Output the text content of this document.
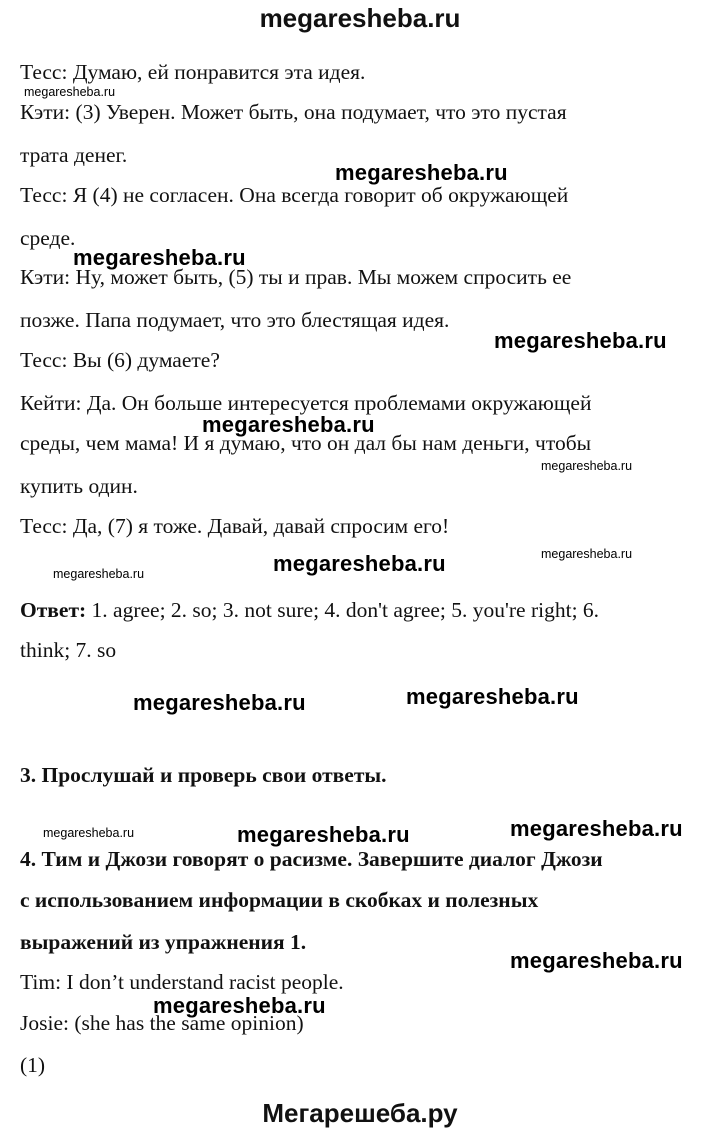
megaresheba.ru
Тесс: Думаю, ей понравится эта идея.
Кэти: (3) Уверен. Может быть, она подумает, что это пустая
трата денег.
Тесс: Я (4) не согласен. Она всегда говорит об окружающей
среде.
Кэти: Ну, может быть, (5) ты и прав. Мы можем спросить ее
позже. Папа подумает, что это блестящая идея.
Тесс: Вы (6) думаете?
Кейти: Да. Он больше интересуется проблемами окружающей
среды, чем мама! И я думаю, что он дал бы нам деньги, чтобы
купить один.
Тесс: Да, (7) я тоже. Давай, давай спросим его!
Ответ: 1. agree; 2. so; 3. not sure; 4. don't agree; 5. you're right; 6.
think; 7. so
3. Прослушай и проверь свои ответы.
4. Тим и Джози говорят о расизме. Завершите диалог Джози
с использованием информации в скобках и полезных
выражений из упражнения 1.
Tim: I don’t understand racist people.
Josie: (she has the same opinion)
(1)
megaresheba.ru
megaresheba.ru
megaresheba.ru
megaresheba.ru
megaresheba.ru
megaresheba.ru
megaresheba.ru
megaresheba.ru
megaresheba.ru
megaresheba.ru	megaresheba.ru
megaresheba.ru	megaresheba.ru	megaresheba.ru
megaresheba.ru
megaresheba.ru
Мегарешеба.ру
